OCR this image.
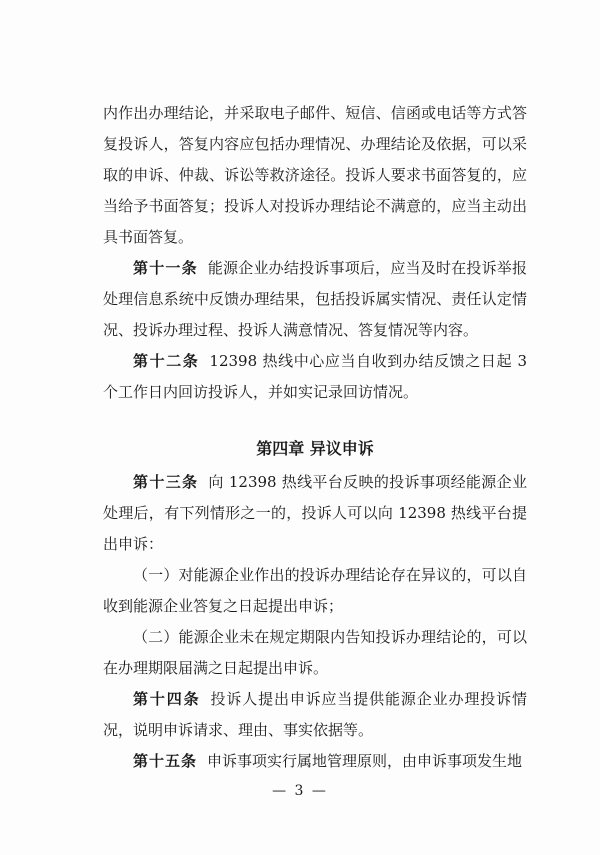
内作出办理结论，并采取电子邮件、短信、信函或电话等方式答复投诉人，答复内容应包括办理情况、办理结论及依据，可以采取的申诉、仲裁、诉讼等救济途径。投诉人要求书面答复的，应当给予书面答复；投诉人对投诉办理结论不满意的，应当主动出具书面答复。

第十一条 能源企业办结投诉事项后，应当及时在投诉举报处理信息系统中反馈办理结果，包括投诉属实情况、责任认定情况、投诉办理过程、投诉人满意情况、答复情况等内容。

第十二条 12398 热线中心应当自收到办结反馈之日起 3 个工作日内回访投诉人，并如实记录回访情况。

第四章 异议申诉

第十三条 向 12398 热线平台反映的投诉事项经能源企业处理后，有下列情形之一的，投诉人可以向 12398 热线平台提出申诉：

（一）对能源企业作出的投诉办理结论存在异议的，可以自收到能源企业答复之日起提出申诉；

（二）能源企业未在规定期限内告知投诉办理结论的，可以在办理期限届满之日起提出申诉。

第十四条 投诉人提出申诉应当提供能源企业办理投诉情况，说明申诉请求、理由、事实依据等。

第十五条 申诉事项实行属地管理原则，由申诉事项发生地

— 3 —
